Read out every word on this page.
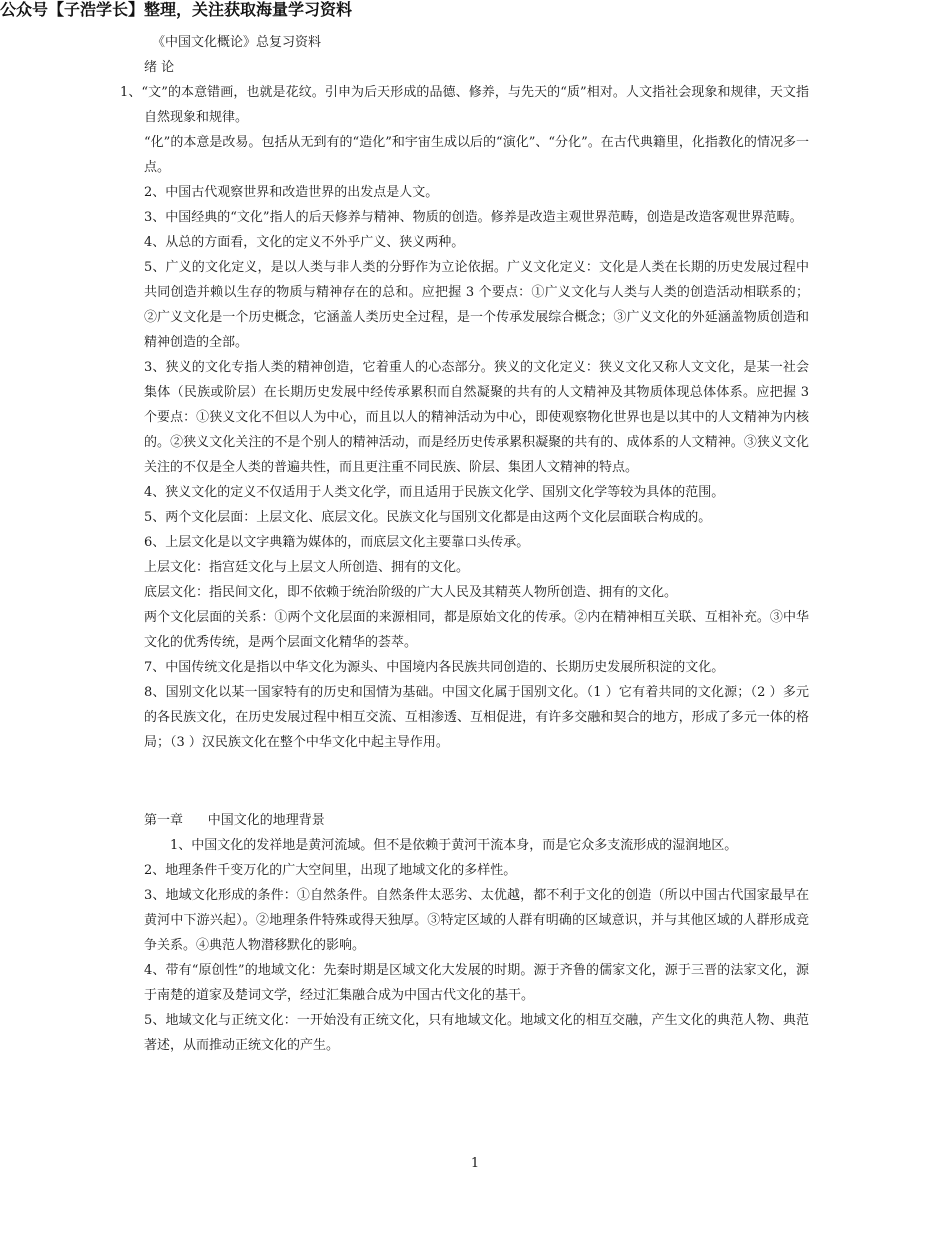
公众号【子浩学长】整理，关注获取海量学习资料

《中国文化概论》总复习资料

绪 论

1、“文”的本意错画，也就是花纹。引申为后天形成的品德、修养，与先天的“质”相对。人文指社会现象和规律，天文指自然现象和规律。

“化”的本意是改易。包括从无到有的“造化”和宇宙生成以后的“演化”、“分化”。在古代典籍里，化指教化的情况多一点。

2、中国古代观察世界和改造世界的出发点是人文。

3、中国经典的“文化”指人的后天修养与精神、物质的创造。修养是改造主观世界范畴，创造是改造客观世界范畴。

4、从总的方面看，文化的定义不外乎广义、狭义两种。

5、广义的文化定义，是以人类与非人类的分野作为立论依据。广义文化定义：文化是人类在长期的历史发展过程中共同创造并赖以生存的物质与精神存在的总和。应把握 3 个要点：①广义文化与人类与人类的创造活动相联系的；②广义文化是一个历史概念，它涵盖人类历史全过程，是一个传承发展综合概念；③广义文化的外延涵盖物质创造和精神创造的全部。

3、狭义的文化专指人类的精神创造，它着重人的心态部分。狭义的文化定义：狭义文化又称人文文化，是某一社会集体（民族或阶层）在长期历史发展中经传承累积而自然凝聚的共有的人文精神及其物质体现总体体系。应把握 3 个要点：①狭义文化不但以人为中心，而且以人的精神活动为中心，即使观察物化世界也是以其中的人文精神为内核的。②狭义文化关注的不是个别人的精神活动，而是经历史传承累积凝聚的共有的、成体系的人文精神。③狭义文化关注的不仅是全人类的普遍共性，而且更注重不同民族、阶层、集团人文精神的特点。

4、狭义文化的定义不仅适用于人类文化学，而且适用于民族文化学、国别文化学等较为具体的范围。

5、两个文化层面：上层文化、底层文化。民族文化与国别文化都是由这两个文化层面联合构成的。

6、上层文化是以文字典籍为媒体的，而底层文化主要靠口头传承。

上层文化：指宫廷文化与上层文人所创造、拥有的文化。

底层文化：指民间文化，即不依赖于统治阶级的广大人民及其精英人物所创造、拥有的文化。

两个文化层面的关系：①两个文化层面的来源相同，都是原始文化的传承。②内在精神相互关联、互相补充。③中华文化的优秀传统，是两个层面文化精华的荟萃。

7、中国传统文化是指以中华文化为源头、中国境内各民族共同创造的、长期历史发展所积淀的文化。

8、国别文化以某一国家特有的历史和国情为基础。中国文化属于国别文化。（1 ）它有着共同的文化源；（2 ）多元的各民族文化，在历史发展过程中相互交流、互相渗透、互相促进，有许多交融和契合的地方，形成了多元一体的格局；（3 ）汉民族文化在整个中华文化中起主导作用。

第一章      中国文化的地理背景

1、中国文化的发祥地是黄河流域。但不是依赖于黄河干流本身，而是它众多支流形成的湿润地区。

2、地理条件千变万化的广大空间里，出现了地域文化的多样性。

3、地域文化形成的条件：①自然条件。自然条件太恶劣、太优越，都不利于文化的创造（所以中国古代国家最早在黄河中下游兴起）。②地理条件特殊或得天独厚。③特定区域的人群有明确的区域意识，并与其他区域的人群形成竞争关系。④典范人物潜移默化的影响。

4、带有“原创性”的地域文化：先秦时期是区域文化大发展的时期。源于齐鲁的儒家文化，源于三晋的法家文化，源于南楚的道家及楚词文学，经过汇集融合成为中国古代文化的基干。

5、地域文化与正统文化：一开始没有正统文化，只有地域文化。地域文化的相互交融，产生文化的典范人物、典范著述，从而推动正统文化的产生。

1
